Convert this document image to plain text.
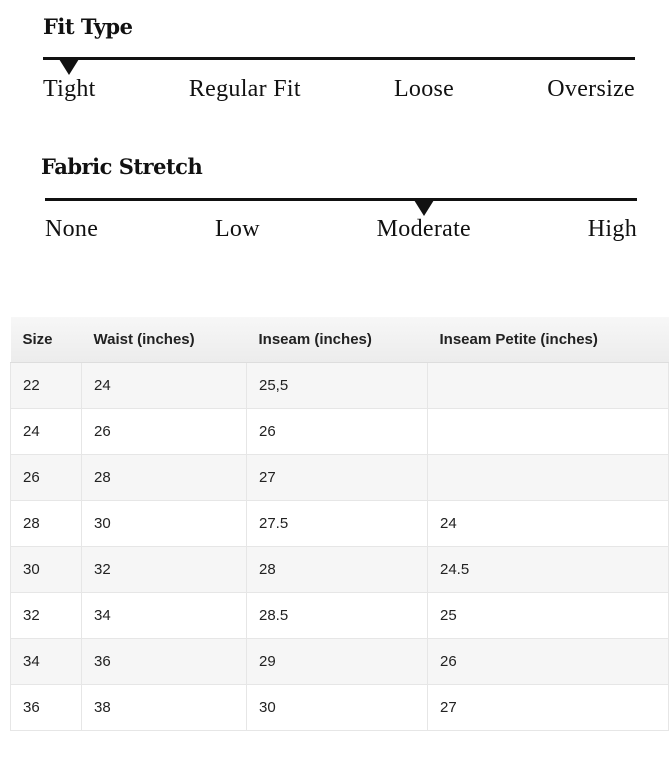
Fit Type
Tight	Regular Fit	Loose	Oversize
Fabric Stretch
None	Low	Moderate	High
Size	Waist (inches)	Inseam (inches)	Inseam Petite (inches)
22	24	25,5	
24	26	26	
26	28	27	
28	30	27.5	24
30	32	28	24.5
32	34	28.5	25
34	36	29	26
36	38	30	27
